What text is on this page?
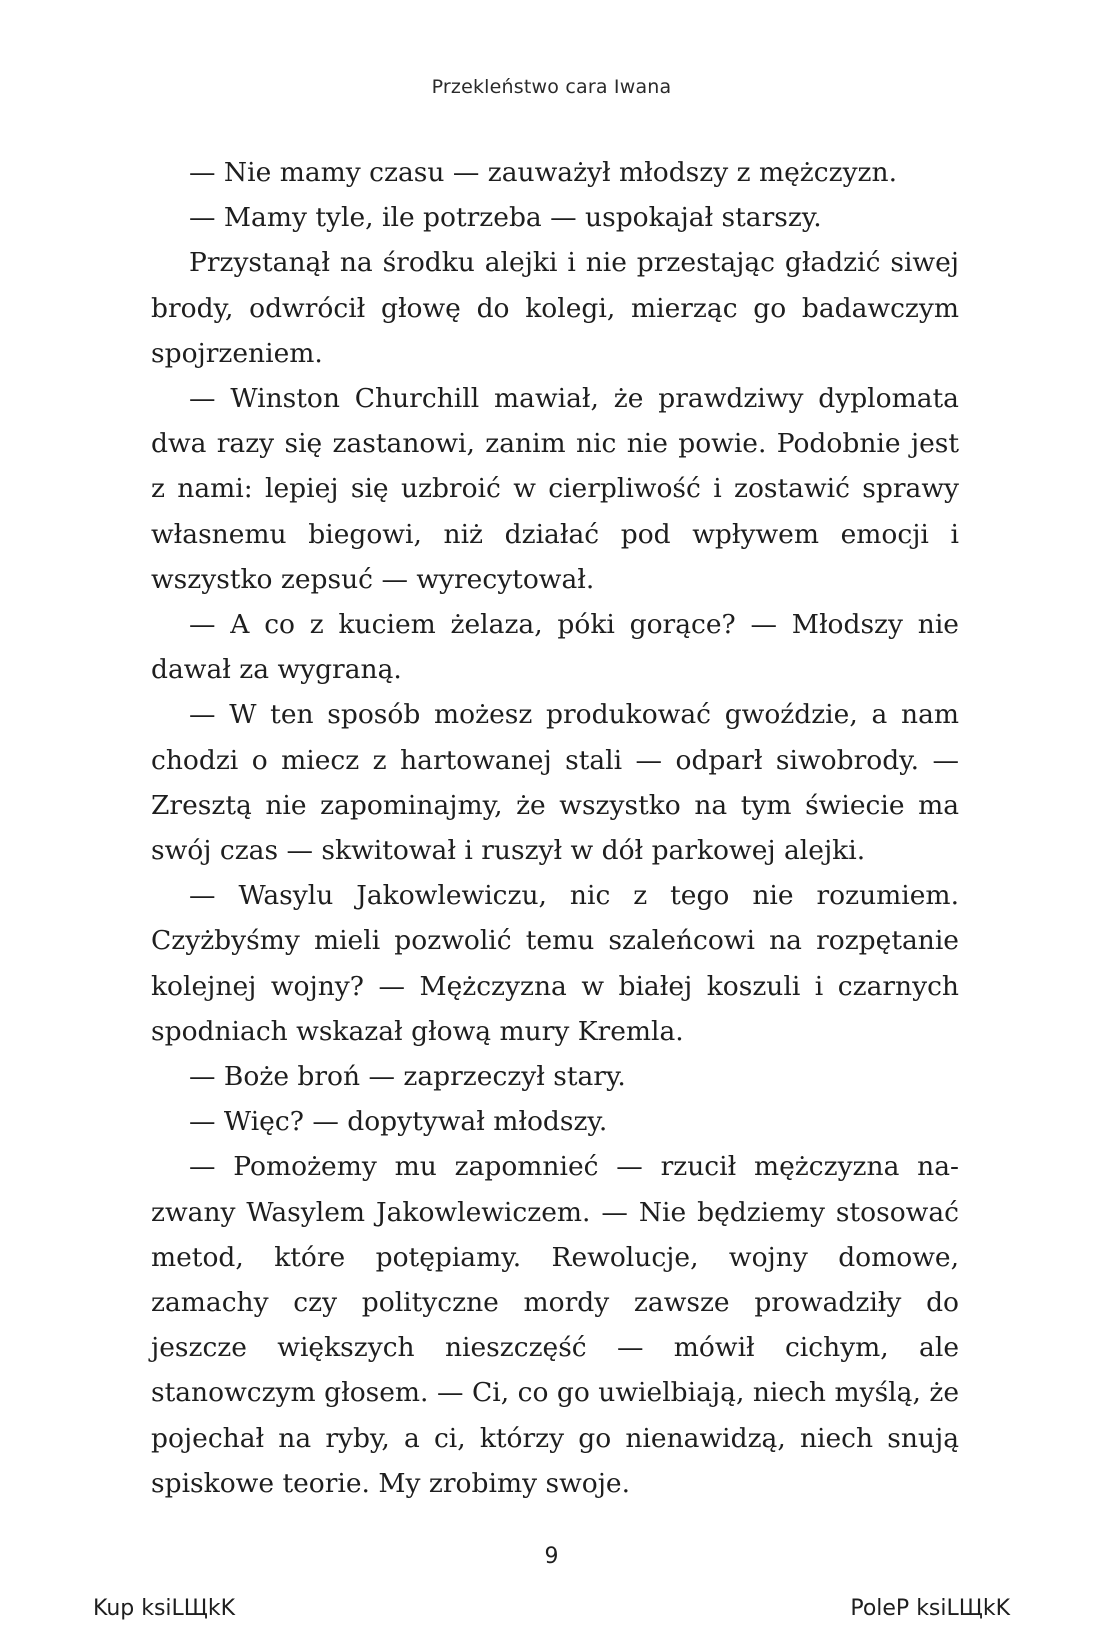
Przekleństwo cara Iwana

— Nie mamy czasu — zauważył młodszy z mężczyzn.

— Mamy tyle, ile potrzeba — uspokajał starszy.

Przystanął na środku alejki i nie przestając gładzić siwej brody, odwrócił głowę do kolegi, mierząc go badawczym spojrzeniem.

— Winston Churchill mawiał, że prawdziwy dyplomata dwa razy się zastanowi, zanim nic nie powie. Podobnie jest z nami: lepiej się uzbroić w cierpliwość i zostawić sprawy własnemu biegowi, niż działać pod wpływem emocji i wszystko zepsuć — wyrecytował.

— A co z kuciem żelaza, póki gorące? — Młodszy nie dawał za wygraną.

— W ten sposób możesz produkować gwoździe, a nam chodzi o miecz z hartowanej stali — odparł siwobrody. — Zresztą nie zapominajmy, że wszystko na tym świecie ma swój czas — skwitował i ruszył w dół parkowej alejki.

— Wasylu Jakowlewiczu, nic z tego nie rozumiem. Czyżbyśmy mieli pozwolić temu szaleńcowi na rozpętanie kolejnej wojny? — Mężczyzna w białej koszuli i czarnych spodniach wskazał głową mury Kremla.

— Boże broń — zaprzeczył stary.

— Więc? — dopytywał młodszy.

— Pomożemy mu zapomnieć — rzucił mężczyzna nazwany Wasylem Jakowlewiczem. — Nie będziemy stosować metod, które potępiamy. Rewolucje, wojny domowe, zamachy czy polityczne mordy zawsze prowadziły do jeszcze większych nieszczęść — mówił cichym, ale stanowczym głosem. — Ci, co go uwielbiają, niech myślą, że pojechał na ryby, a ci, którzy go nienawidzą, niech snują spiskowe teorie. My zrobimy swoje.

9
Kup ksiLЩkK	PoleP ksiLЩkK
